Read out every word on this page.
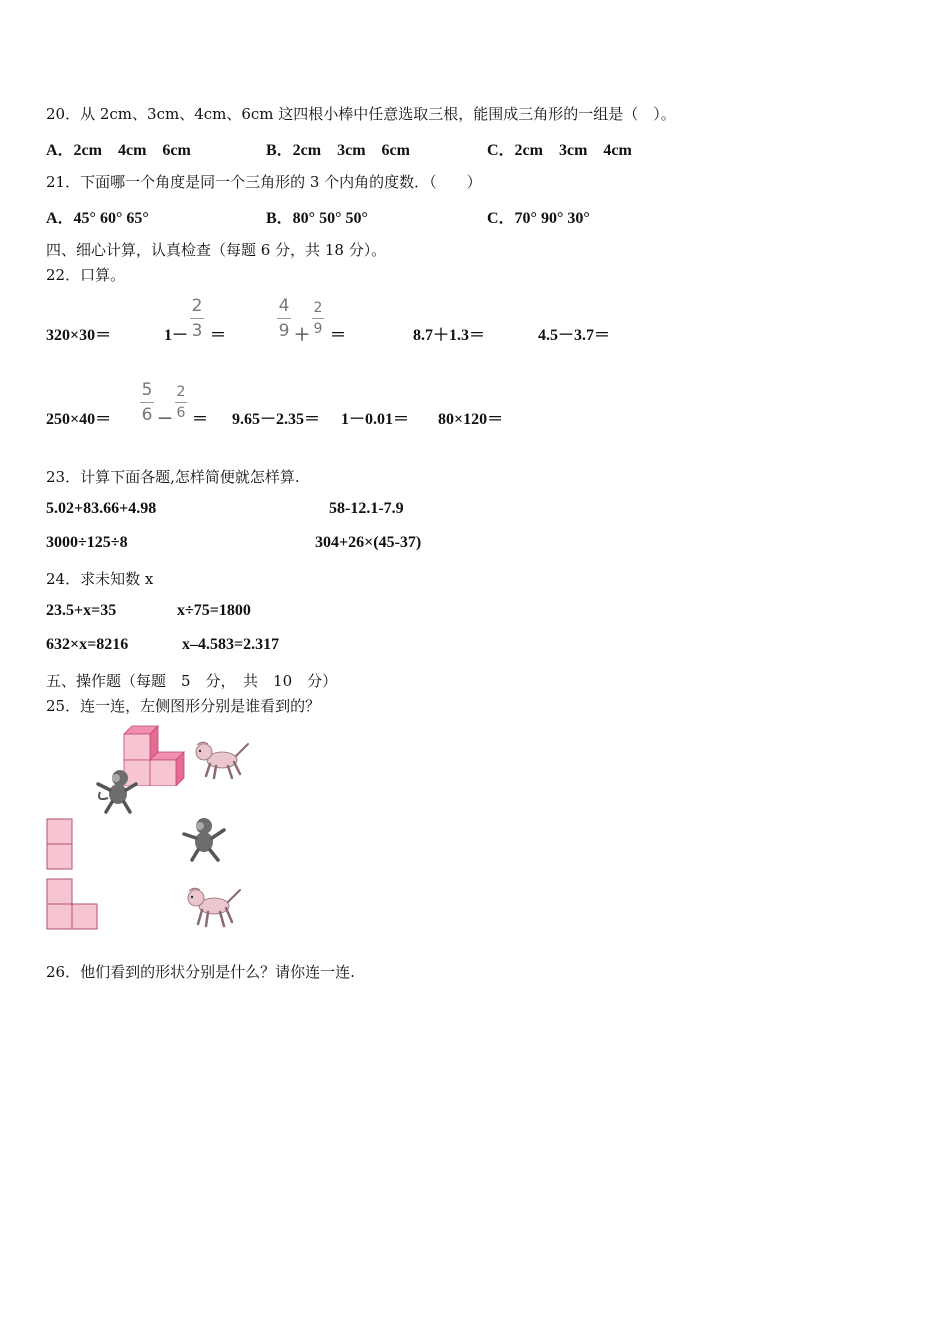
20．从 2cm、3cm、4cm、6cm 这四根小棒中任意选取三根，能围成三角形的一组是（　）。
A．2cm　4cm　6cm	B．2cm　3cm　6cm	C．2cm　3cm　4cm
21．下面哪一个角度是同一个三角形的 3 个内角的度数．（　　）
A．45° 60° 65°	B．80° 50° 50°	C．70° 90° 30°
四、细心计算，认真检查（每题 6 分，共 18 分）。
22．口算。
320×30＝	1－
2
3 ＝
4
9 ＋
2
9 ＝	8.7＋1.3＝	4.5－3.7＝
250×40＝
5
6 －
2
6 ＝ 9.65－2.35＝ 1－0.01＝ 80×120＝
23．计算下面各题,怎样简便就怎样算.
5.02+83.66+4.98	58-12.1-7.9
3000÷125÷8	304+26×(45-37)
24．求未知数 x
23.5+x=35	x÷75=1800
632×x=8216	x–4.583=2.317
五、操作题（每题　5　分，　共　10　分）
25．连一连，左侧图形分别是谁看到的？
26．他们看到的形状分别是什么？请你连一连.
